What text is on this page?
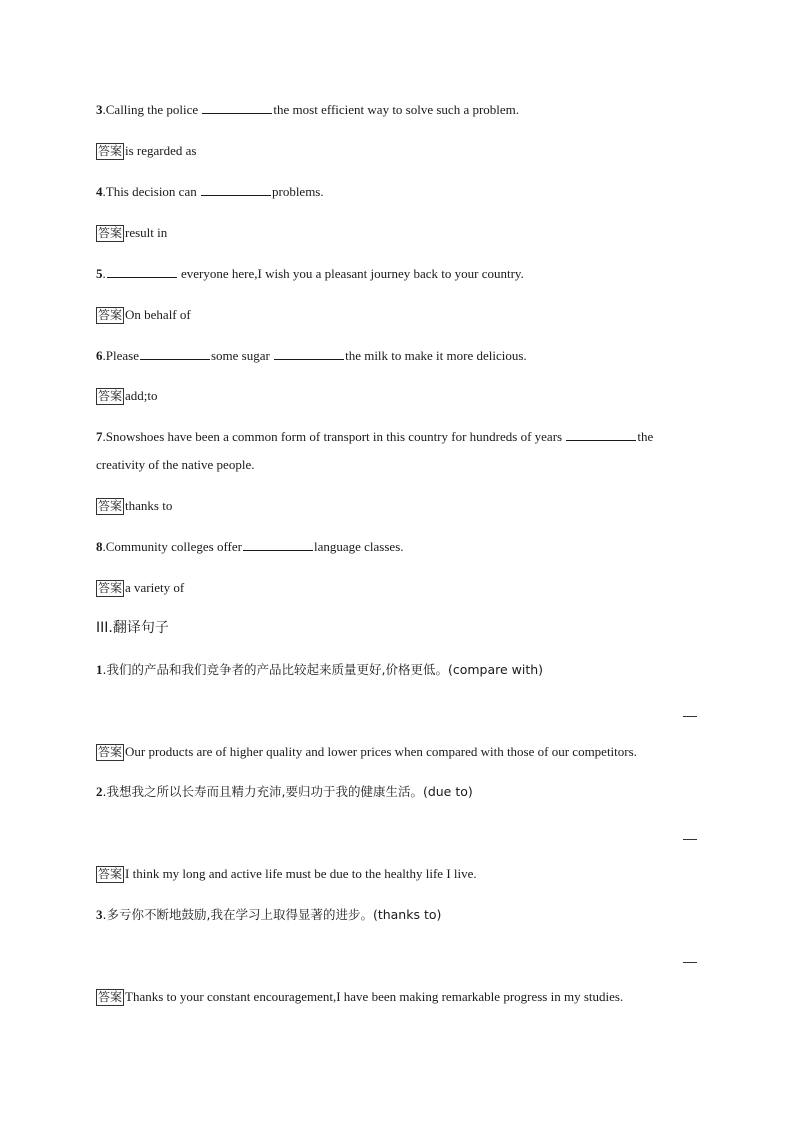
3.Calling the police	the most efficient way to solve such a problem.
答案 is regarded as
4.This decision can	problems.
答案 result in
5.	everyone here,I wish you a pleasant journey back to your country.
答案 On behalf of
6.Please	some sugar	the milk to make it more delicious.
答案 add;to
7.Snowshoes have been a common form of transport in this country for hundreds of years	the
creativity of the native people.
答案 thanks to
8.Community colleges offer	language classes.
答案 a variety of
III.翻译句子
1.我们的产品和我们竞争者的产品比较起来质量更好,价格更低。(compare with)
答案 Our products are of higher quality and lower prices when compared with those of our competitors.
2.我想我之所以长寿而且精力充沛,要归功于我的健康生活。(due to)
答案 I think my long and active life must be due to the healthy life I live.
3.多亏你不断地鼓励,我在学习上取得显著的进步。(thanks to)
答案 Thanks to your constant encouragement,I have been making remarkable progress in my studies.
